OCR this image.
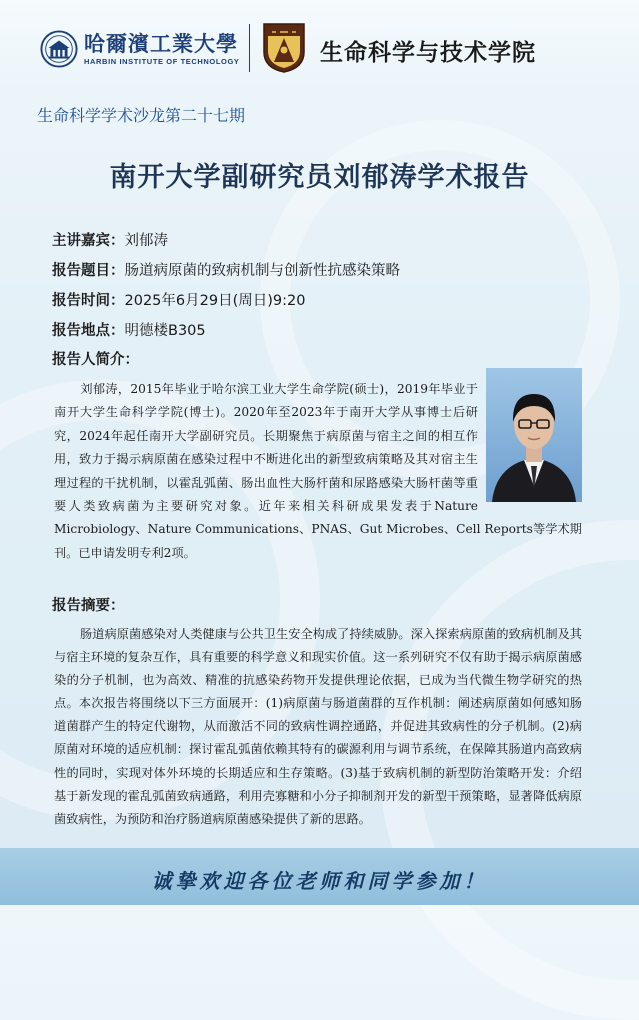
哈爾濱工業大學
HARBIN INSTITUTE OF TECHNOLOGY	生命科学与技术学院
生命科学学术沙龙第二十七期
南开大学副研究员刘郁涛学术报告
主讲嘉宾：刘郁涛
报告题目：肠道病原菌的致病机制与创新性抗感染策略
报告时间：2025年6月29日(周日)9:20
报告地点：明德楼B305
报告人简介：
刘郁涛，2015年毕业于哈尔滨工业大学生命学院(硕士)，2019年毕业于南开大学生命科学学院(博士)。2020年至2023年于南开大学从事博士后研究，2024年起任南开大学副研究员。长期聚焦于病原菌与宿主之间的相互作用，致力于揭示病原菌在感染过程中不断进化出的新型致病策略及其对宿主生理过程的干扰机制，以霍乱弧菌、肠出血性大肠杆菌和尿路感染大肠杆菌等重要人类致病菌为主要研究对象。近年来相关科研成果发表于Nature Microbiology、Nature Communications、PNAS、Gut Microbes、Cell Reports等学术期刊。已申请发明专利2项。
报告摘要：
肠道病原菌感染对人类健康与公共卫生安全构成了持续威胁。深入探索病原菌的致病机制及其与宿主环境的复杂互作，具有重要的科学意义和现实价值。这一系列研究不仅有助于揭示病原菌感染的分子机制，也为高效、精准的抗感染药物开发提供理论依据，已成为当代微生物学研究的热点。本次报告将围绕以下三方面展开：(1)病原菌与肠道菌群的互作机制：阐述病原菌如何感知肠道菌群产生的特定代谢物，从而激活不同的致病性调控通路，并促进其致病性的分子机制。(2)病原菌对环境的适应机制：探讨霍乱弧菌依赖其特有的碳源利用与调节系统，在保障其肠道内高致病性的同时，实现对体外环境的长期适应和生存策略。(3)基于致病机制的新型防治策略开发：介绍基于新发现的霍乱弧菌致病通路，利用壳寡糖和小分子抑制剂开发的新型干预策略，显著降低病原菌致病性，为预防和治疗肠道病原菌感染提供了新的思路。
诚挚欢迎各位老师和同学参加！
